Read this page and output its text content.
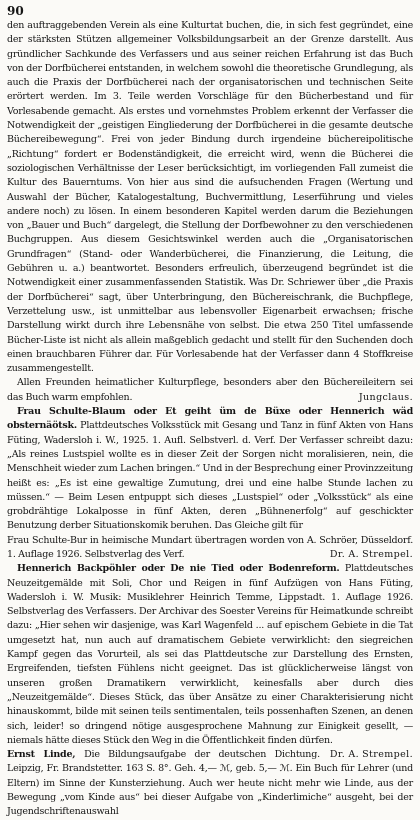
90

den auftraggebenden Verein als eine Kulturtat buchen, die, in sich fest gegründet, eine der stärksten Stützen allgemeiner Volksbildungsarbeit an der Grenze darstellt. Aus gründlicher Sachkunde des Verfassers und aus seiner reichen Erfahrung ist das Buch von der Dorfbücherei entstanden, in welchem sowohl die theoretische Grundlegung, als auch die Praxis der Dorfbücherei nach der organisatorischen und technischen Seite erörtert werden. Im 3. Teile werden Vorschläge für den Bücherbestand und für Vorlesabende gemacht. Als erstes und vornehmstes Problem erkennt der Verfasser die Notwendigkeit der „geistigen Eingliederung der Dorfbücherei in die gesamte deutsche Büchereibewegung“. Frei von jeder Bindung durch irgendeine büchereipolitische „Richtung“ fordert er Bodenständigkeit, die erreicht wird, wenn die Bücherei die soziologischen Verhältnisse der Leser berücksichtigt, im vorliegenden Fall zumeist die Kultur des Bauerntums. Von hier aus sind die aufsuchenden Fragen (Wertung und Auswahl der Bücher, Katalogestaltung, Buchvermittlung, Leserführung und vieles andere noch) zu lösen. In einem besonderen Kapitel werden darum die Beziehungen von „Bauer und Buch“ dargelegt, die Stellung der Dorfbewohner zu den verschiedenen Buchgruppen. Aus diesem Gesichtswinkel werden auch die „Organisatorischen Grundfragen“ (Stand- oder Wanderbücherei, die Finanzierung, die Leitung, die Gebühren u. a.) beantwortet. Besonders erfreulich, überzeugend begründet ist die Notwendigkeit einer zusammenfassenden Statistik. Was Dr. Schriewer über „die Praxis der Dorfbücherei“ sagt, über Unterbringung, den Büchereischrank, die Buchpflege, Verzettelung usw., ist unmittelbar aus lebensvoller Eigenarbeit erwachsen; frische Darstellung wirkt durch ihre Lebensnähe von selbst. Die etwa 250 Titel umfassende Bücher-Liste ist nicht als allein maßgeblich gedacht und stellt für den Suchenden doch einen brauchbaren Führer dar. Für Vorlesabende hat der Verfasser dann 4 Stoffkreise zusammengestellt.

Allen Freunden heimatlicher Kulturpflege, besonders aber den Büchereileitern sei das Buch warm empfohlen.	Jungclaus.

Frau Schulte-Blaum oder Et geiht üm de Büxe oder Hennerich wäd obsternäötsk. Plattdeutsches Volksstück mit Gesang und Tanz in fünf Akten von Hans Füting, Wadersloh i. W., 1925. 1. Aufl. Selbstverl. d. Verf. Der Verfasser schreibt dazu: „Als reines Lustspiel wollte es in dieser Zeit der Sorgen nicht moralisieren, nein, die Menschheit wieder zum Lachen bringen.“ Und in der Besprechung einer Provinzzeitung heißt es: „Es ist eine gewaltige Zumutung, drei und eine halbe Stunde lachen zu müssen.“ — Beim Lesen entpuppt sich dieses „Lustspiel“ oder „Volksstück“ als eine grobdrähtige Lokalposse in fünf Akten, deren „Bühnenerfolg“ auf geschickter Benutzung derber Situationskomik beruhen. Das Gleiche gilt für

Frau Schulte-Bur in heimische Mundart übertragen worden von A. Schröer, Düsseldorf. 1. Auflage 1926. Selbstverlag des Verf.	Dr. A. Strempel.

Hennerich Backpöhler oder De nie Tied oder Bodenreform. Plattdeutsches Neuzeitgemälde mit Soli, Chor und Reigen in fünf Aufzügen von Hans Füting, Wadersloh i. W. Musik: Musiklehrer Heinrich Temme, Lippstadt. 1. Auflage 1926. Selbstverlag des Verfassers. Der Archivar des Soester Vereins für Heimatkunde schreibt dazu: „Hier sehen wir dasjenige, was Karl Wagenfeld ... auf epischem Gebiete in die Tat umgesetzt hat, nun auch auf dramatischem Gebiete verwirklicht: den siegreichen Kampf gegen das Vorurteil, als sei das Plattdeutsche zur Darstellung des Ernsten, Ergreifenden, tiefsten Fühlens nicht geeignet. Das ist glücklicherweise längst von unseren großen Dramatikern verwirklicht, keinesfalls aber durch dies „Neuzeitgemälde“. Dieses Stück, das über Ansätze zu einer Charakterisierung nicht hinauskommt, bilde mit seinen teils sentimentalen, teils possenhaften Szenen, an denen sich, leider! so dringend nötige ausgesprochene Mahnung zur Einigkeit gesellt, — niemals hätte dieses Stück den Weg in die Öffentlichkeit finden dürfen.
Dr. A. Strempel.

Ernst Linde, Die Bildungsaufgabe der deutschen Dichtung. Leipzig, Fr. Brandstetter. 163 S. 8°. Geh. 4,— ℳ, geb. 5,— ℳ. Ein Buch für Lehrer (und Eltern) im Sinne der Kunsterziehung. Auch wer heute nicht mehr wie Linde, aus der Bewegung „vom Kinde aus“ bei dieser Aufgabe von „Kinderlimiche“ ausgeht, bei der Jugendschriftenauswahl
